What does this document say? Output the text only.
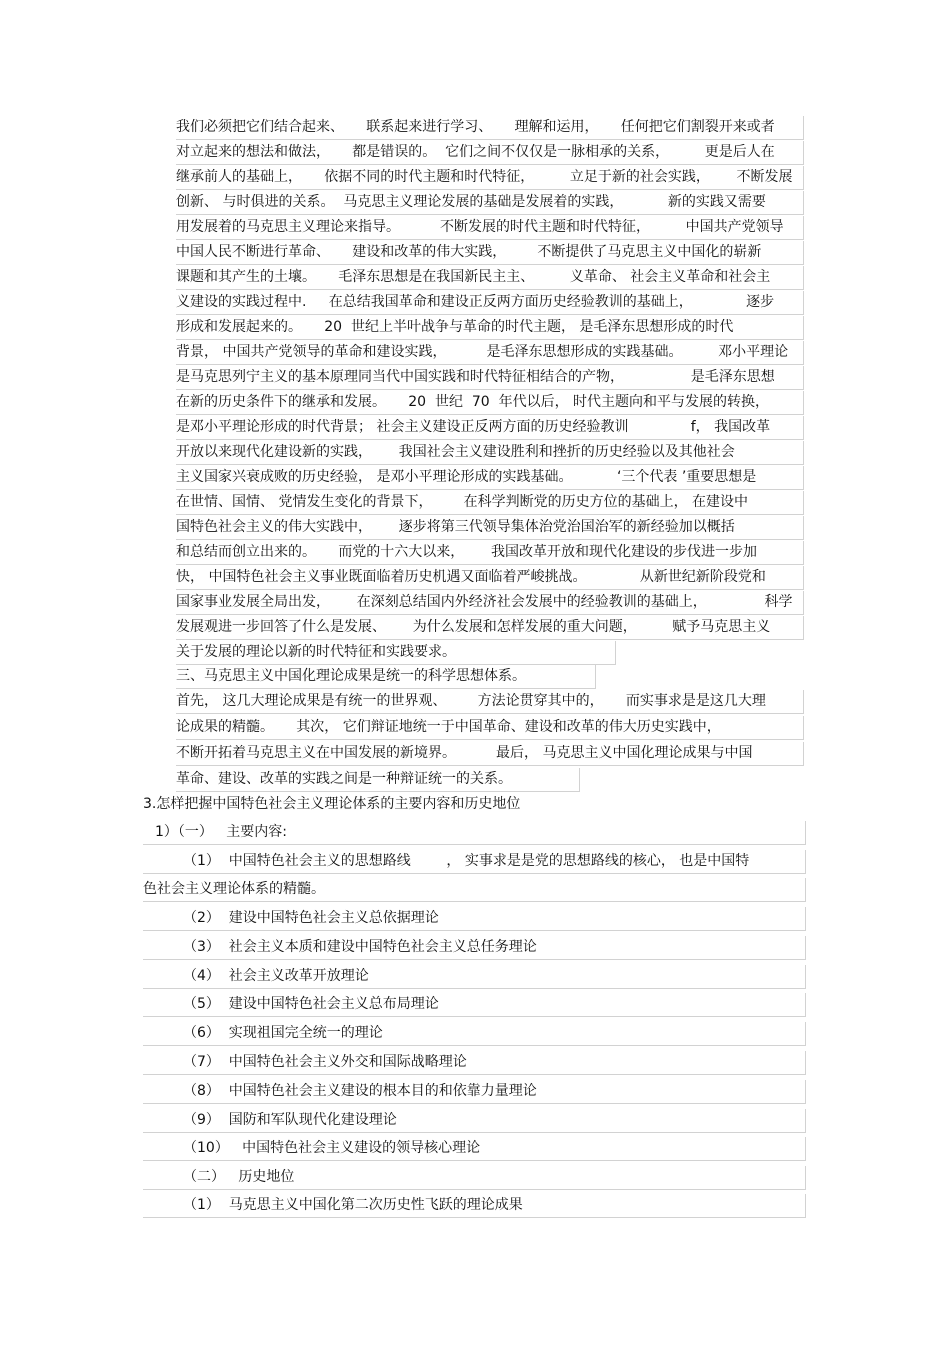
我们必须把它们结合起来、     联系起来进行学习、     理解和运用，     任何把它们割裂开来或者
对立起来的想法和做法，     都是错误的。  它们之间不仅仅是一脉相承的关系，        更是后人在
继承前人的基础上，     依据不同的时代主题和时代特征，        立足于新的社会实践，      不断发展
创新、 与时俱进的关系。  马克思主义理论发展的基础是发展着的实践，          新的实践又需要
用发展着的马克思主义理论来指导。         不断发展的时代主题和时代特征，        中国共产党领导
中国人民不断进行革命、     建设和改革的伟大实践，       不断提供了马克思主义中国化的崭新
课题和其产生的土壤。     毛泽东思想是在我国新民主主、        义革命、 社会主义革命和社会主
义建设的实践过程中.     在总结我国革命和建设正反两方面历史经验教训的基础上，            逐步
形成和发展起来的。     20  世纪上半叶战争与革命的时代主题， 是毛泽东思想形成的时代
背景， 中国共产党领导的革命和建设实践，         是毛泽东思想形成的实践基础。        邓小平理论
是马克思列宁主义的基本原理同当代中国实践和时代特征相结合的产物，               是毛泽东思想
在新的历史条件下的继承和发展。     20  世纪  70  年代以后， 时代主题向和平与发展的转换，
是邓小平理论形成的时代背景； 社会主义建设正反两方面的历史经验教训              f， 我国改革
开放以来现代化建设新的实践，      我国社会主义建设胜利和挫折的历史经验以及其他社会
主义国家兴衰成败的历史经验， 是邓小平理论形成的实践基础。          ‘三个代表 ’重要思想是
在世情、国情、 党情发生变化的背景下，       在科学判断党的历史方位的基础上， 在建设中
国特色社会主义的伟大实践中，      逐步将第三代领导集体治党治国治军的新经验加以概括
和总结而创立出来的。     而党的十六大以来，      我国改革开放和现代化建设的步伐进一步加
快， 中国特色社会主义事业既面临着历史机遇又面临着严峻挑战。            从新世纪新阶段党和
国家事业发展全局出发，      在深刻总结国内外经济社会发展中的经验教训的基础上，             科学
发展观进一步回答了什么是发展、      为什么发展和怎样发展的重大问题，        赋予马克思主义
关于发展的理论以新的时代特征和实践要求。
三、马克思主义中国化理论成果是统一的科学思想体系。
首先， 这几大理论成果是有统一的世界观、       方法论贯穿其中的，     而实事求是是这几大理
论成果的精髓。     其次， 它们辩证地统一于中国革命、建设和改革的伟大历史实践中，
不断开拓着马克思主义在中国发展的新境界。         最后， 马克思主义中国化理论成果与中国
革命、建设、改革的实践之间是一种辩证统一的关系。
3.怎样把握中国特色社会主义理论体系的主要内容和历史地位
1）（一）   主要内容:
（1）  中国特色社会主义的思想路线        ， 实事求是是党的思想路线的核心， 也是中国特
色社会主义理论体系的精髓。
（2）  建设中国特色社会主义总依据理论
（3）  社会主义本质和建设中国特色社会主义总任务理论
（4）  社会主义改革开放理论
（5）  建设中国特色社会主义总布局理论
（6）  实现祖国完全统一的理论
（7）  中国特色社会主义外交和国际战略理论
（8）  中国特色社会主义建设的根本目的和依靠力量理论
（9）  国防和军队现代化建设理论
（10）   中国特色社会主义建设的领导核心理论
（二）   历史地位
（1）  马克思主义中国化第二次历史性飞跃的理论成果
